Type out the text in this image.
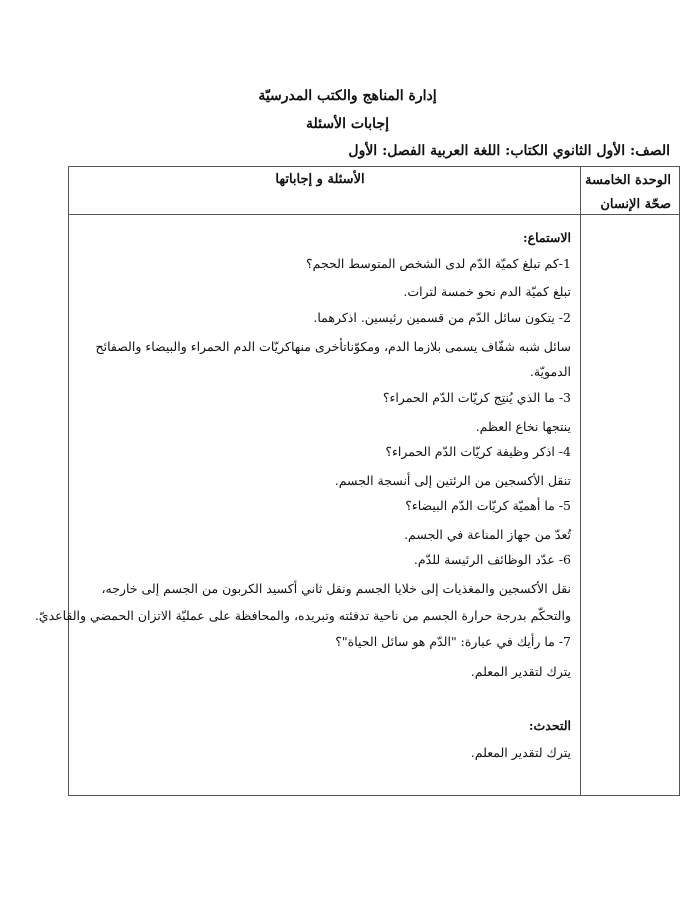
إدارة المناهج والكتب المدرسيّة
إجابات الأسئلة
الصف: الأول الثانوي الكتاب: اللغة العربية الفصل: الأول
الوحدة الخامسة
صحّة الإنسان
الأسئلة و إجاباتها
الاستماع:
1-كم تبلغ كميّة الدّم لدى الشخص المتوسط الحجم؟
تبلغ كميّة الدم نحو خمسة لترات.
2- يتكون سائل الدّم من قسمين رئيسين. اذكرهما.
سائل شبه شفّاف يسمى بلازما الدم، ومكوّناتأخرى منهاكريّات الدم الحمراء والبيضاء والصفائح
الدمويّة.
3- ما الذي يُنتِج كريّات الدّم الحمراء؟
ينتجها نخاع العظم.
4- اذكر وظيفة كريّات الدّم الحمراء؟
تنقل الأكسجين من الرئتين إلى أنسجة الجسم.
5- ما أهميّة كريّات الدّم البيضاء؟
تُعدّ من جهاز المناعة في الجسم.
6- عدّد الوظائف الرئيسة للدّم.
نقل الأكسجين والمغذيات إلى خلايا الجسم ونقل ثاني أكسيد الكربون من الجسم إلى خارجه،
والتحكّم بدرجة حرارة الجسم من ناحية تدفئته وتبريده، والمحافظة على عمليّة الاتزان الحمضي والقاعديّ.
7- ما رأيك في عبارة: "الدّم هو سائل الحياة"؟
يترك لتقدير المعلم.
التحدث:
يترك لتقدير المعلم.
